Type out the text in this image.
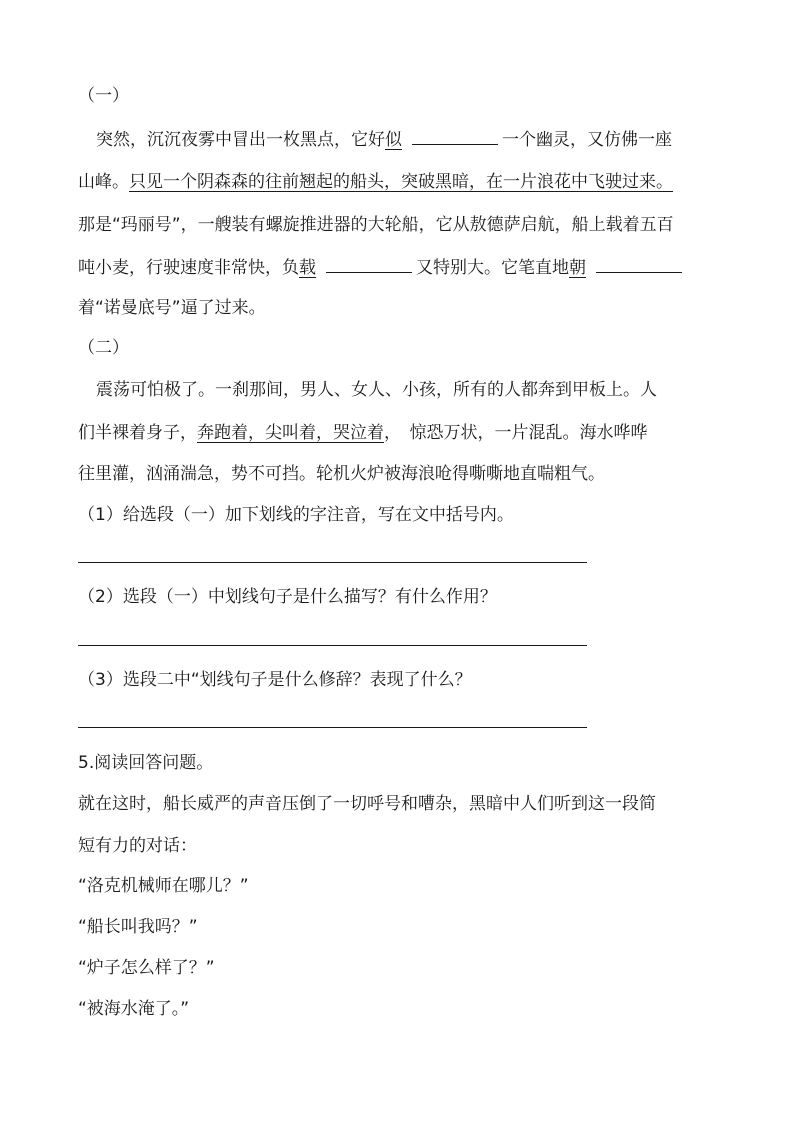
（一）
突然，沉沉夜雾中冒出一枚黑点，它好似	一个幽灵，又仿佛一座
山峰。只见一个阴森森的往前翘起的船头，突破黑暗，在一片浪花中飞驶过来。
那是“玛丽号”，一艘装有螺旋推进器的大轮船，它从敖德萨启航，船上载着五百
吨小麦，行驶速度非常快，负载	又特别大。它笔直地朝
着“诺曼底号”逼了过来。
（二）
震荡可怕极了。一刹那间，男人、女人、小孩，所有的人都奔到甲板上。人
们半裸着身子，奔跑着，尖叫着，哭泣着，　惊恐万状，一片混乱。海水哗哗
往里灌，汹涌湍急，势不可挡。轮机火炉被海浪呛得嘶嘶地直喘粗气。
（1）给选段（一）加下划线的字注音，写在文中括号内。
（2）选段（一）中划线句子是什么描写？有什么作用？
（3）选段二中“划线句子是什么修辞？表现了什么？
5.阅读回答问题。
就在这时，船长威严的声音压倒了一切呼号和嘈杂，黑暗中人们听到这一段简
短有力的对话：
“洛克机械师在哪儿？”
“船长叫我吗？”
“炉子怎么样了？”
“被海水淹了。”
